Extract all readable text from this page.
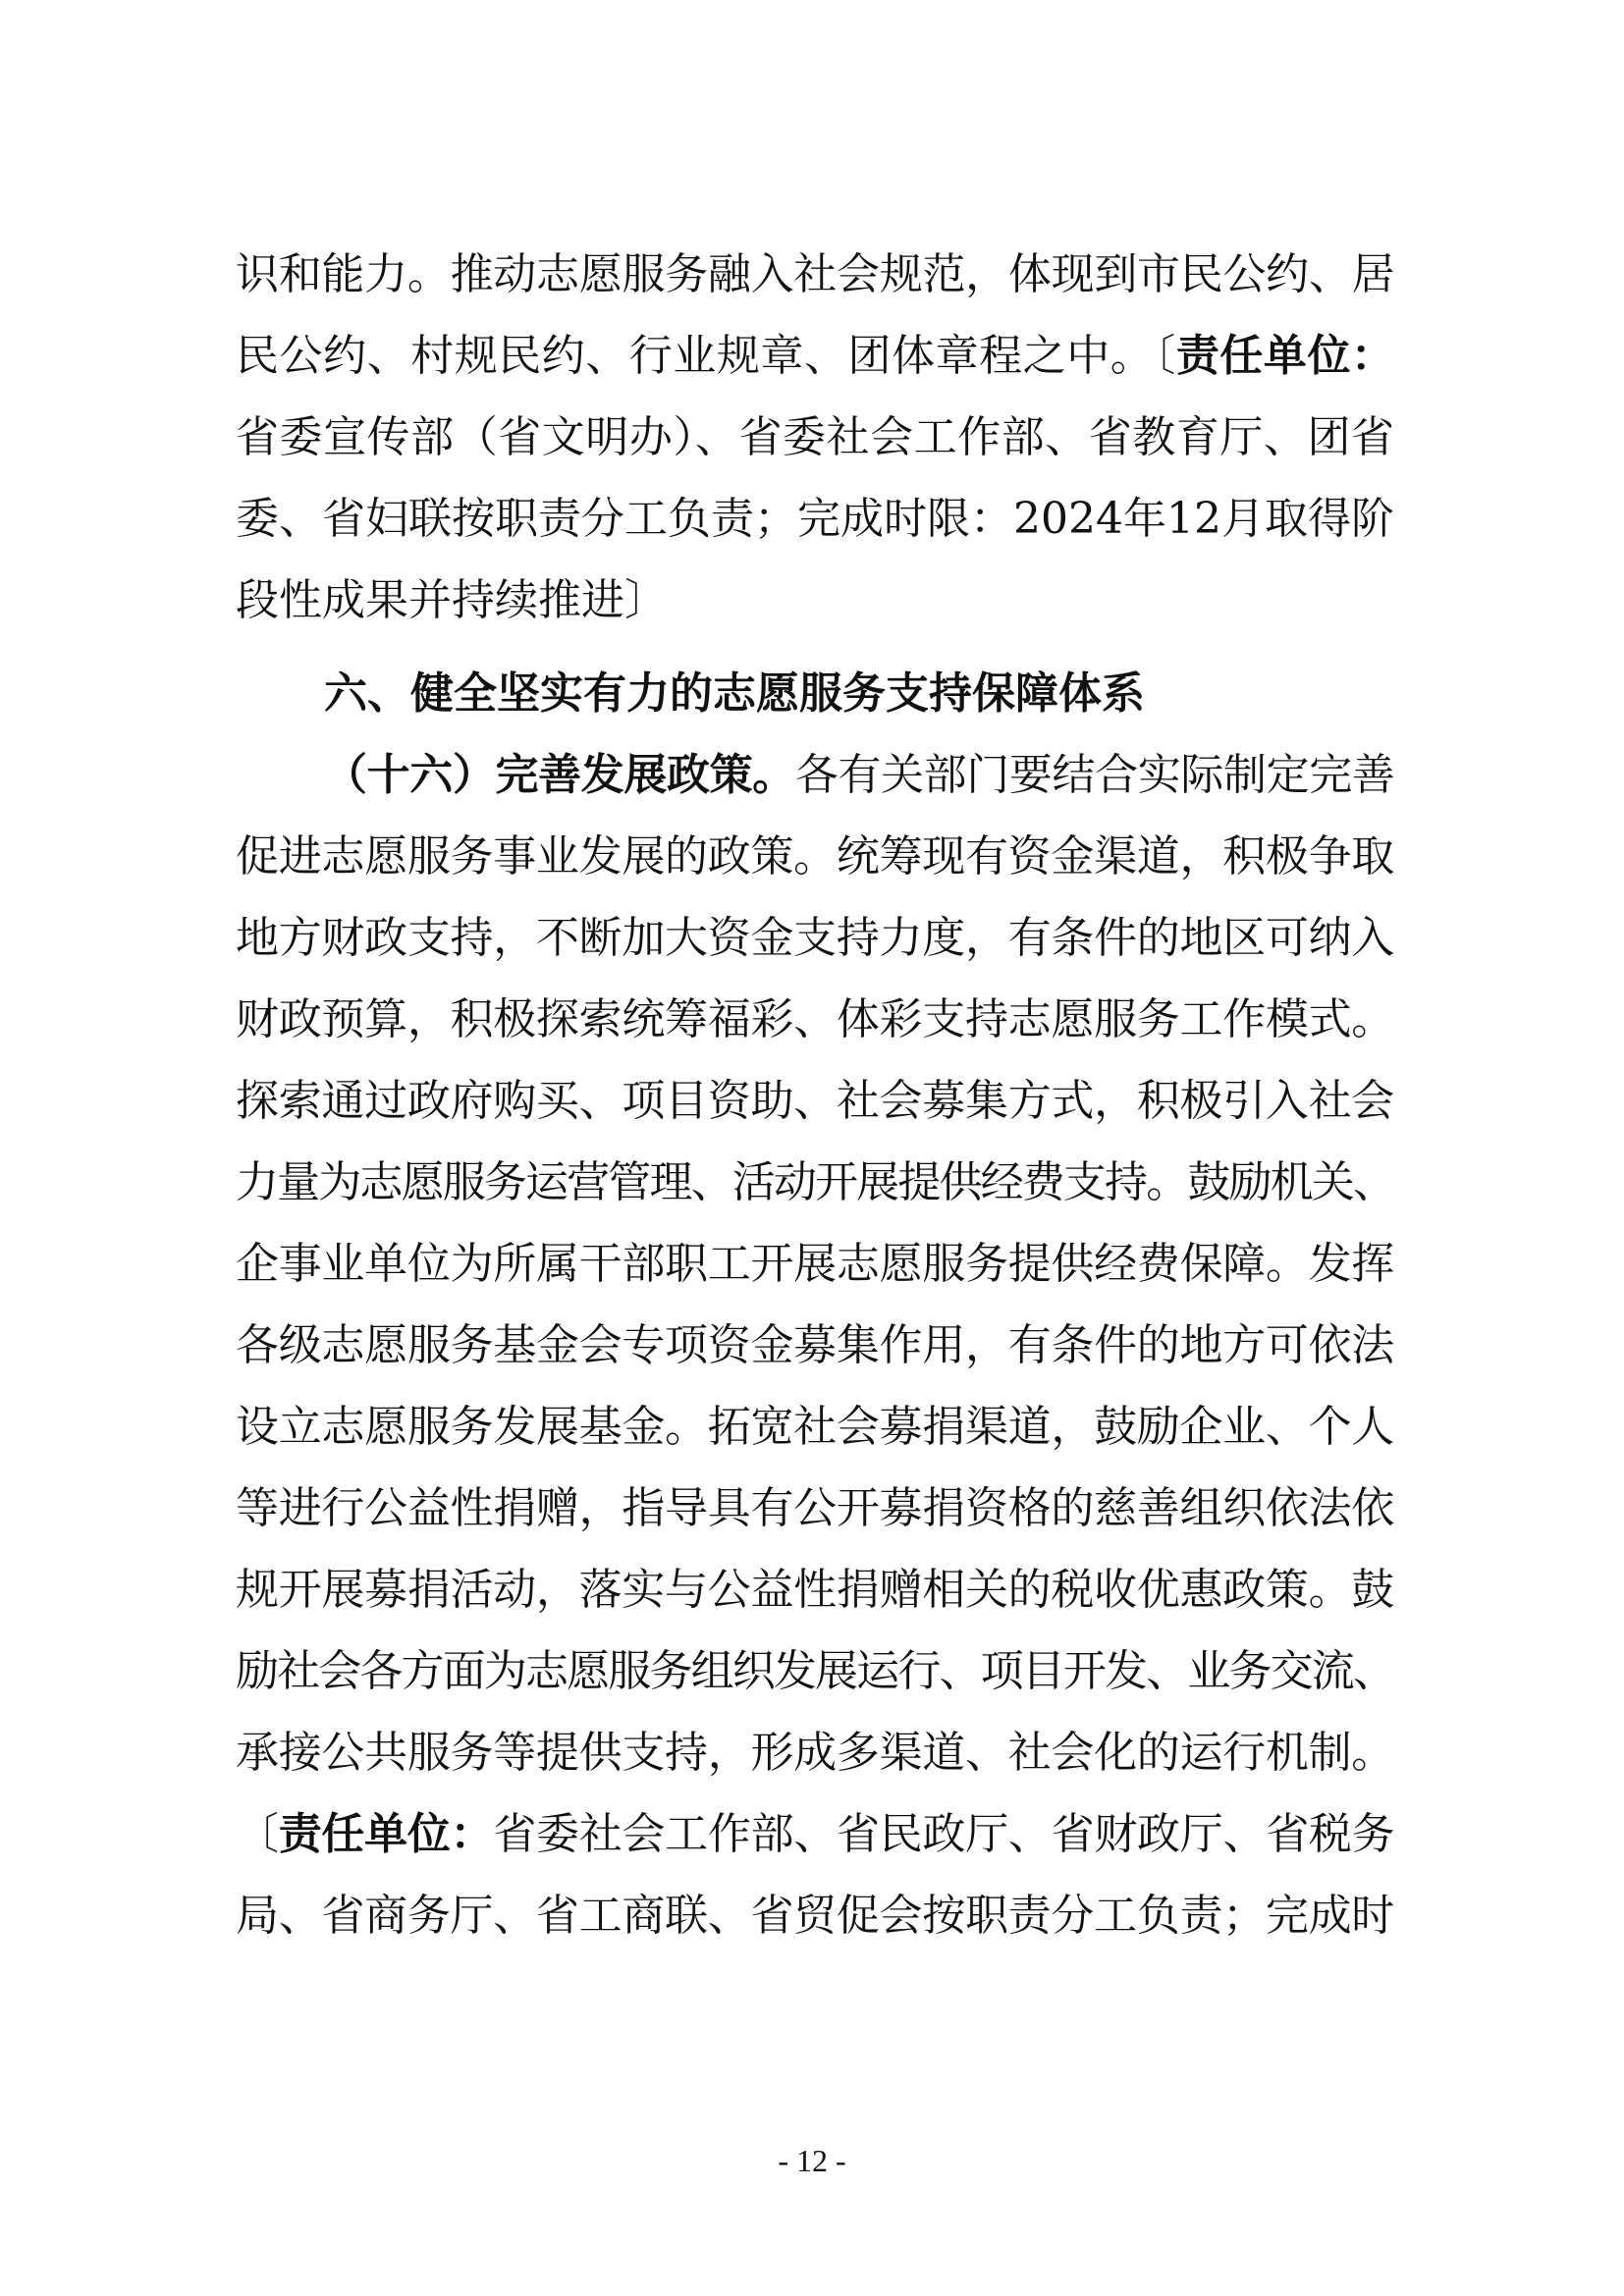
识和能力。推动志愿服务融入社会规范，体现到市民公约、居
民公约、村规民约、行业规章、团体章程之中。〔责任单位：
省委宣传部（省文明办）、省委社会工作部、省教育厅、团省
委、省妇联按职责分工负责；完成时限：2024年12月取得阶
段性成果并持续推进〕
六、健全坚实有力的志愿服务支持保障体系
（十六）完善发展政策。各有关部门要结合实际制定完善
促进志愿服务事业发展的政策。统筹现有资金渠道，积极争取
地方财政支持，不断加大资金支持力度，有条件的地区可纳入
财政预算，积极探索统筹福彩、体彩支持志愿服务工作模式。
探索通过政府购买、项目资助、社会募集方式，积极引入社会
力量为志愿服务运营管理、活动开展提供经费支持。鼓励机关、
企事业单位为所属干部职工开展志愿服务提供经费保障。发挥
各级志愿服务基金会专项资金募集作用，有条件的地方可依法
设立志愿服务发展基金。拓宽社会募捐渠道，鼓励企业、个人
等进行公益性捐赠，指导具有公开募捐资格的慈善组织依法依
规开展募捐活动，落实与公益性捐赠相关的税收优惠政策。鼓
励社会各方面为志愿服务组织发展运行、项目开发、业务交流、
承接公共服务等提供支持，形成多渠道、社会化的运行机制。
〔责任单位：省委社会工作部、省民政厅、省财政厅、省税务
局、省商务厅、省工商联、省贸促会按职责分工负责；完成时
- 12 -
